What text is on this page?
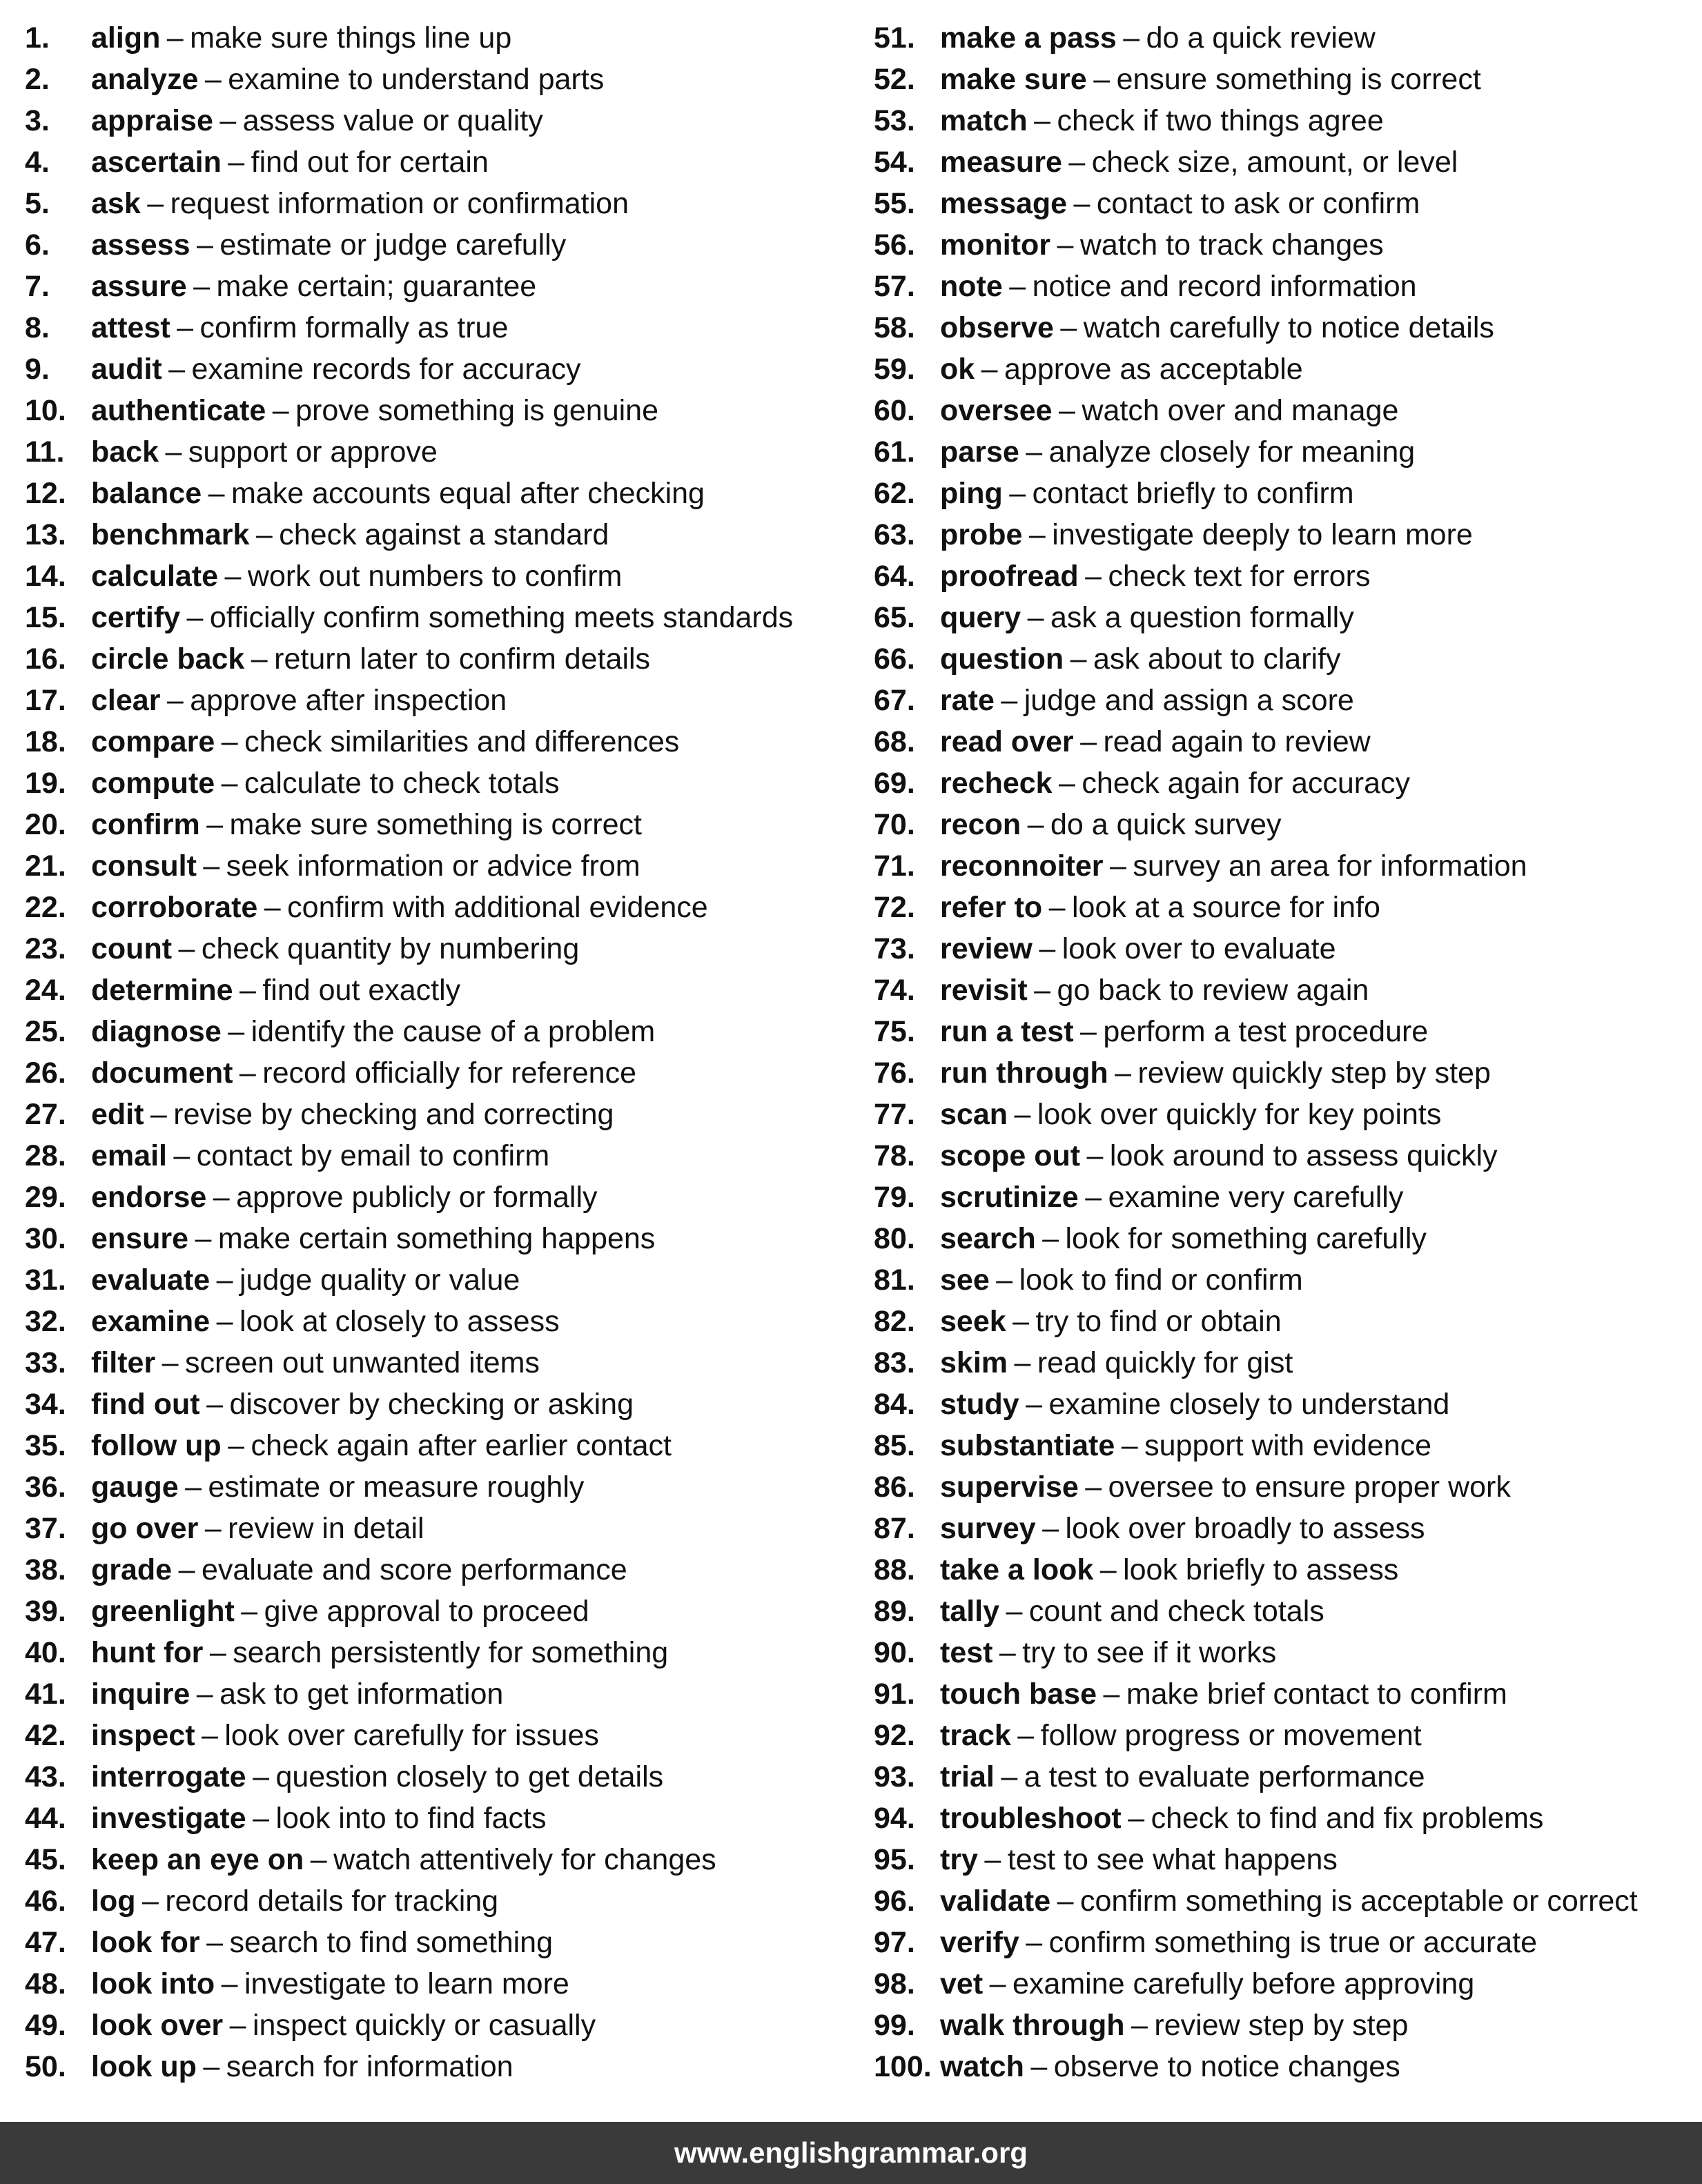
1.	align – make sure things line up
2.	analyze – examine to understand parts
3.	appraise – assess value or quality
4.	ascertain – find out for certain
5.	ask – request information or confirmation
6.	assess – estimate or judge carefully
7.	assure – make certain; guarantee
8.	attest – confirm formally as true
9.	audit – examine records for accuracy
10. authenticate – prove something is genuine
11. back – support or approve
12. balance – make accounts equal after checking
13. benchmark – check against a standard
14. calculate – work out numbers to confirm
15. certify – officially confirm something meets standards
16. circle back – return later to confirm details
17. clear – approve after inspection
18. compare – check similarities and differences
19. compute – calculate to check totals
20. confirm – make sure something is correct
21. consult – seek information or advice from
22. corroborate – confirm with additional evidence
23. count – check quantity by numbering
24. determine – find out exactly
25. diagnose – identify the cause of a problem
26. document – record officially for reference
27. edit – revise by checking and correcting
28. email – contact by email to confirm
29. endorse – approve publicly or formally
30. ensure – make certain something happens
31. evaluate – judge quality or value
32. examine – look at closely to assess
33. filter – screen out unwanted items
34. find out – discover by checking or asking
35. follow up – check again after earlier contact
36. gauge – estimate or measure roughly
37. go over – review in detail
38. grade – evaluate and score performance
39. greenlight – give approval to proceed
40. hunt for – search persistently for something
41. inquire – ask to get information
42. inspect – look over carefully for issues
43. interrogate – question closely to get details
44. investigate – look into to find facts
45. keep an eye on – watch attentively for changes
46. log – record details for tracking
47. look for – search to find something
48. look into – investigate to learn more
49. look over – inspect quickly or casually
50. look up – search for information
51. make a pass – do a quick review
52. make sure – ensure something is correct
53. match – check if two things agree
54. measure – check size, amount, or level
55. message – contact to ask or confirm
56. monitor – watch to track changes
57. note – notice and record information
58. observe – watch carefully to notice details
59. ok – approve as acceptable
60. oversee – watch over and manage
61. parse – analyze closely for meaning
62. ping – contact briefly to confirm
63. probe – investigate deeply to learn more
64. proofread – check text for errors
65. query – ask a question formally
66. question – ask about to clarify
67. rate – judge and assign a score
68. read over – read again to review
69. recheck – check again for accuracy
70. recon – do a quick survey
71. reconnoiter – survey an area for information
72. refer to – look at a source for info
73. review – look over to evaluate
74. revisit – go back to review again
75. run a test – perform a test procedure
76. run through – review quickly step by step
77. scan – look over quickly for key points
78. scope out – look around to assess quickly
79. scrutinize – examine very carefully
80. search – look for something carefully
81. see – look to find or confirm
82. seek – try to find or obtain
83. skim – read quickly for gist
84. study – examine closely to understand
85. substantiate – support with evidence
86. supervise – oversee to ensure proper work
87. survey – look over broadly to assess
88. take a look – look briefly to assess
89. tally – count and check totals
90. test – try to see if it works
91. touch base – make brief contact to confirm
92. track – follow progress or movement
93. trial – a test to evaluate performance
94. troubleshoot – check to find and fix problems
95. try – test to see what happens
96. validate – confirm something is acceptable or correct
97. verify – confirm something is true or accurate
98. vet – examine carefully before approving
99. walk through – review step by step
100. watch – observe to notice changes
www.englishgrammar.org
